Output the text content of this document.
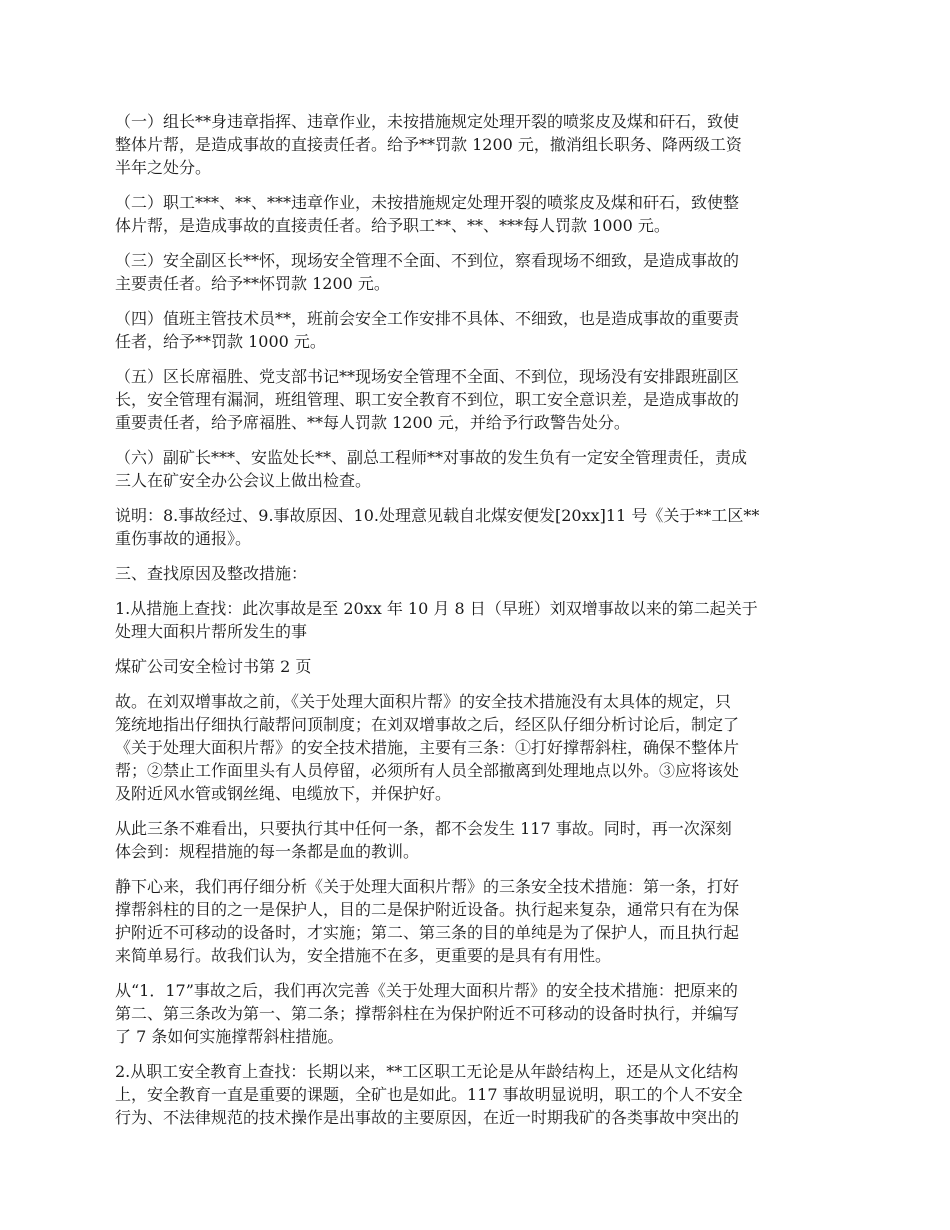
（一）组长**身违章指挥、违章作业，未按措施规定处理开裂的喷浆皮及煤和矸石，致使
整体片帮，是造成事故的直接责任者。给予**罚款 1200 元，撤消组长职务、降两级工资
半年之处分。

（二）职工***、**、***违章作业，未按措施规定处理开裂的喷浆皮及煤和矸石，致使整
体片帮，是造成事故的直接责任者。给予职工**、**、***每人罚款 1000 元。

（三）安全副区长**怀，现场安全管理不全面、不到位，察看现场不细致，是造成事故的
主要责任者。给予**怀罚款 1200 元。

（四）值班主管技术员**，班前会安全工作安排不具体、不细致，也是造成事故的重要责
任者，给予**罚款 1000 元。

（五）区长席福胜、党支部书记**现场安全管理不全面、不到位，现场没有安排跟班副区
长，安全管理有漏洞，班组管理、职工安全教育不到位，职工安全意识差，是造成事故的
重要责任者，给予席福胜、**每人罚款 1200 元，并给予行政警告处分。

（六）副矿长***、安监处长**、副总工程师**对事故的发生负有一定安全管理责任，责成
三人在矿安全办公会议上做出检查。

说明：8.事故经过、9.事故原因、10.处理意见载自北煤安便发[20xx]11 号《关于**工区**
重伤事故的通报》。

三、查找原因及整改措施：

1.从措施上查找：此次事故是至 20xx 年 10 月 8 日（早班）刘双增事故以来的第二起关于
处理大面积片帮所发生的事

煤矿公司安全检讨书第 2 页

故。在刘双增事故之前，《关于处理大面积片帮》的安全技术措施没有太具体的规定，只
笼统地指出仔细执行敲帮问顶制度；在刘双增事故之后，经区队仔细分析讨论后，制定了
《关于处理大面积片帮》的安全技术措施，主要有三条：①打好撑帮斜柱，确保不整体片
帮；②禁止工作面里头有人员停留，必须所有人员全部撤离到处理地点以外。③应将该处
及附近风水管或钢丝绳、电缆放下，并保护好。

从此三条不难看出，只要执行其中任何一条，都不会发生 117 事故。同时，再一次深刻
体会到：规程措施的每一条都是血的教训。

静下心来，我们再仔细分析《关于处理大面积片帮》的三条安全技术措施：第一条，打好
撑帮斜柱的目的之一是保护人，目的二是保护附近设备。执行起来复杂，通常只有在为保
护附近不可移动的设备时，才实施；第二、第三条的目的单纯是为了保护人，而且执行起
来简单易行。故我们认为，安全措施不在多，更重要的是具有有用性。

从“1．17”事故之后，我们再次完善《关于处理大面积片帮》的安全技术措施：把原来的
第二、第三条改为第一、第二条；撑帮斜柱在为保护附近不可移动的设备时执行，并编写
了 7 条如何实施撑帮斜柱措施。

2.从职工安全教育上查找：长期以来，**工区职工无论是从年龄结构上，还是从文化结构
上，安全教育一直是重要的课题，全矿也是如此。117 事故明显说明，职工的个人不安全
行为、不法律规范的技术操作是出事故的主要原因，在近一时期我矿的各类事故中突出的
